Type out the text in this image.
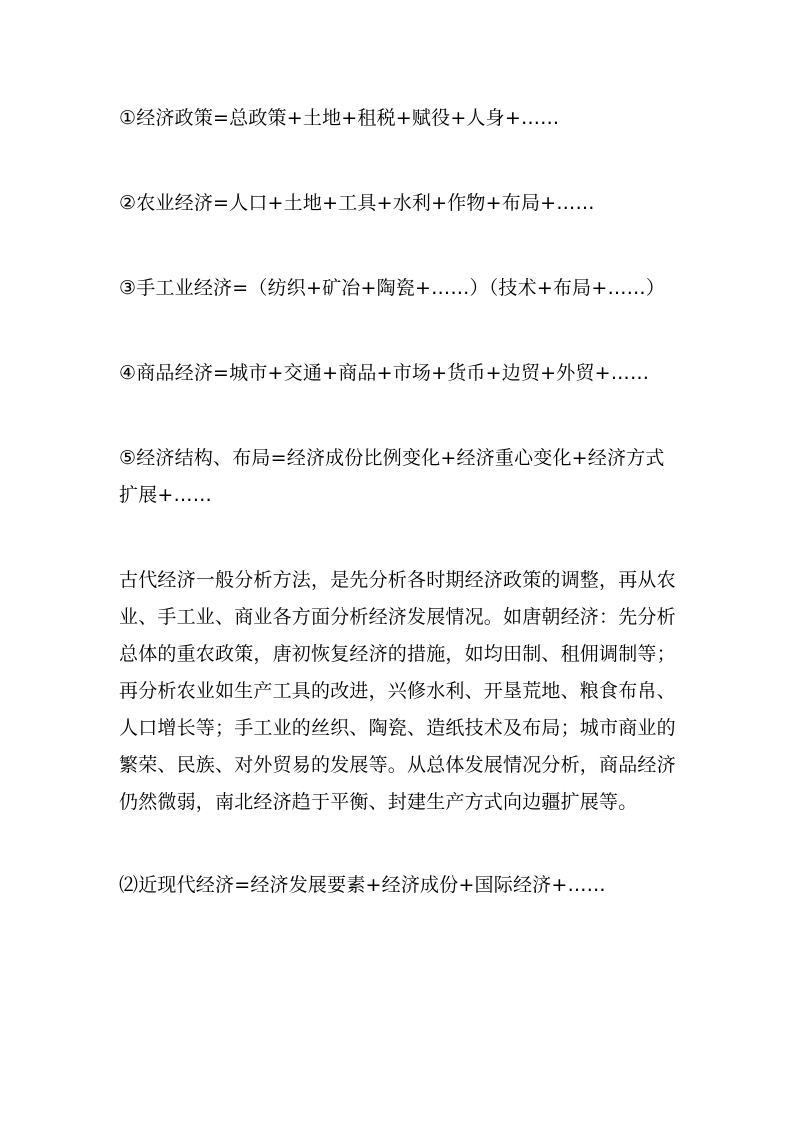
①经济政策=总政策+土地+租税+赋役+人身+……

②农业经济=人口+土地+工具+水利+作物+布局+……

③手工业经济=（纺织+矿冶+陶瓷+……）（技术+布局+……）

④商品经济=城市+交通+商品+市场+货币+边贸+外贸+……

⑤经济结构、布局=经济成份比例变化+经济重心变化+经济方式扩展+……

古代经济一般分析方法，是先分析各时期经济政策的调整，再从农业、手工业、商业各方面分析经济发展情况。如唐朝经济：先分析总体的重农政策，唐初恢复经济的措施，如均田制、租佣调制等；再分析农业如生产工具的改进，兴修水利、开垦荒地、粮食布帛、人口增长等；手工业的丝织、陶瓷、造纸技术及布局；城市商业的繁荣、民族、对外贸易的发展等。从总体发展情况分析，商品经济仍然微弱，南北经济趋于平衡、封建生产方式向边疆扩展等。

⑵近现代经济=经济发展要素+经济成份+国际经济+……
